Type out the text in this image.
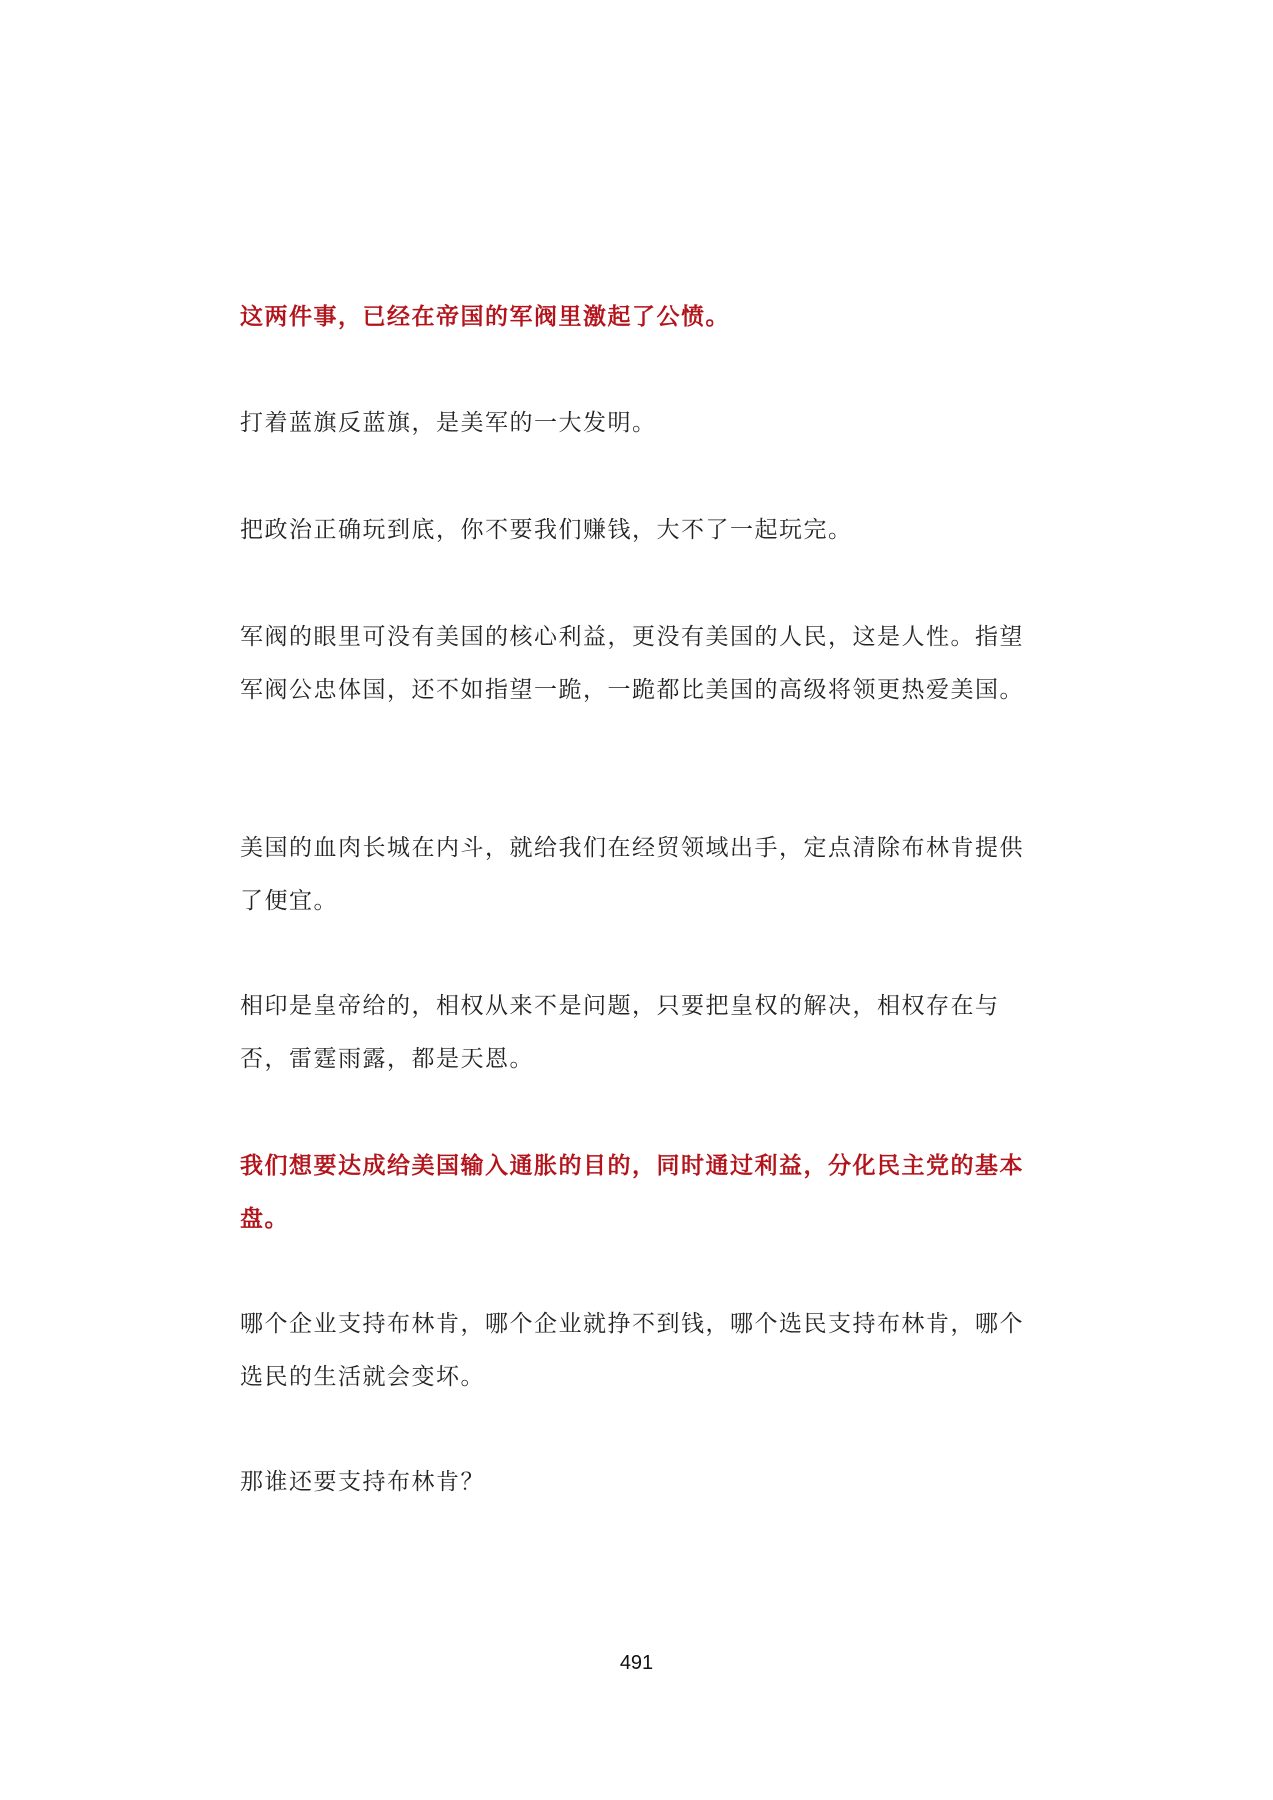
这两件事，已经在帝国的军阀里激起了公愤。

打着蓝旗反蓝旗，是美军的一大发明。

把政治正确玩到底，你不要我们赚钱，大不了一起玩完。

军阀的眼里可没有美国的核心利益，更没有美国的人民，这是人性。指望军阀公忠体国，还不如指望一跪，一跪都比美国的高级将领更热爱美国。

美国的血肉长城在内斗，就给我们在经贸领域出手，定点清除布林肯提供了便宜。

相印是皇帝给的，相权从来不是问题，只要把皇权的解决，相权存在与否，雷霆雨露，都是天恩。

我们想要达成给美国输入通胀的目的，同时通过利益，分化民主党的基本盘。

哪个企业支持布林肯，哪个企业就挣不到钱，哪个选民支持布林肯，哪个选民的生活就会变坏。

那谁还要支持布林肯？

491
